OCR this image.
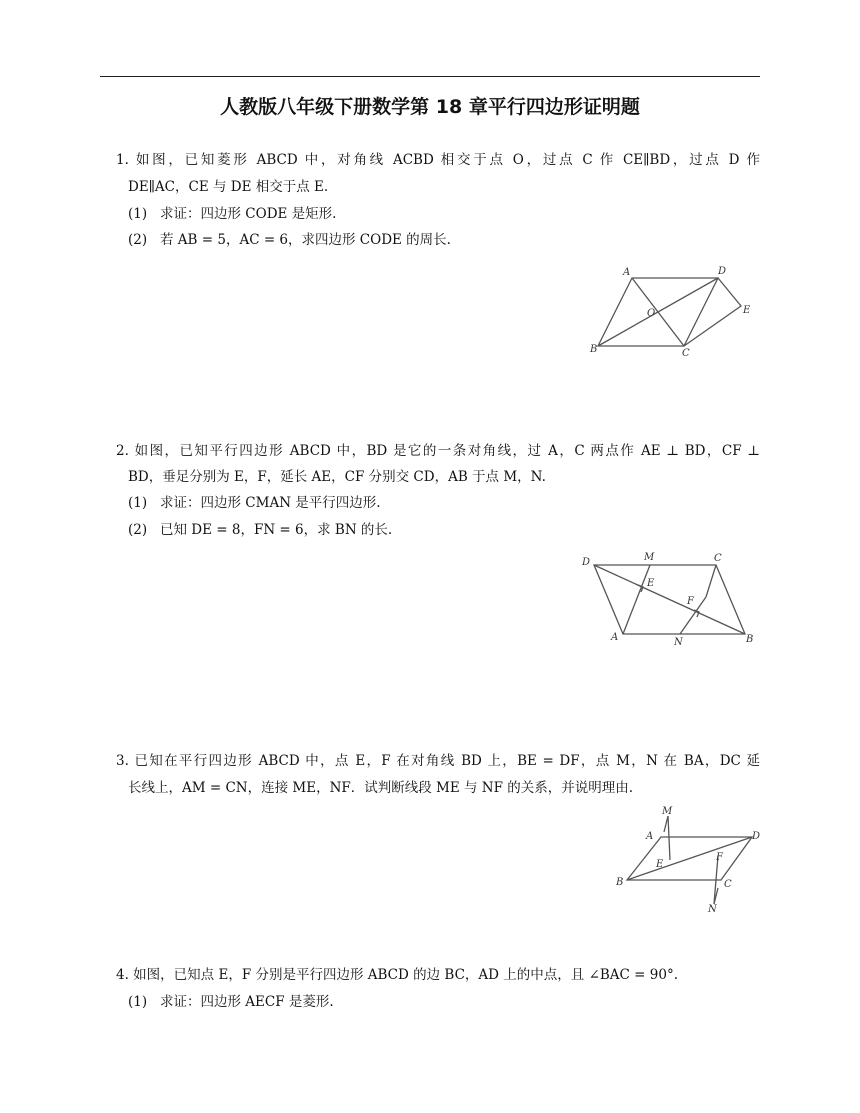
人教版八年级下册数学第 18 章平行四边形证明题
1. 如图，已知菱形 ABCD 中，对角线 ACBD 相交于点 O，过点 C 作 CE∥BD，过点 D 作
DE∥AC，CE 与 DE 相交于点 E.
(1) 求证：四边形 CODE 是矩形.
(2) 若 AB = 5，AC = 6，求四边形 CODE 的周长.
A	D
O	E
B	C
2. 如图，已知平行四边形 ABCD 中，BD 是它的一条对角线，过 A，C 两点作 AE ⊥ BD，CF ⊥
BD，垂足分别为 E，F，延长 AE，CF 分别交 CD，AB 于点 M，N.
(1) 求证：四边形 CMAN 是平行四边形.
(2) 已知 DE = 8，FN = 6，求 BN 的长.
D	M	C
E
F
A	N	B
3. 已知在平行四边形 ABCD 中，点 E，F 在对角线 BD 上，BE = DF，点 M，N 在 BA，DC 延
长线上，AM = CN，连接 ME，NF．试判断线段 ME 与 NF 的关系，并说明理由.
M
A	D
E
F
B	C
N
4. 如图，已知点 E，F 分别是平行四边形 ABCD 的边 BC，AD 上的中点，且 ∠BAC = 90°.
(1) 求证：四边形 AECF 是菱形.
